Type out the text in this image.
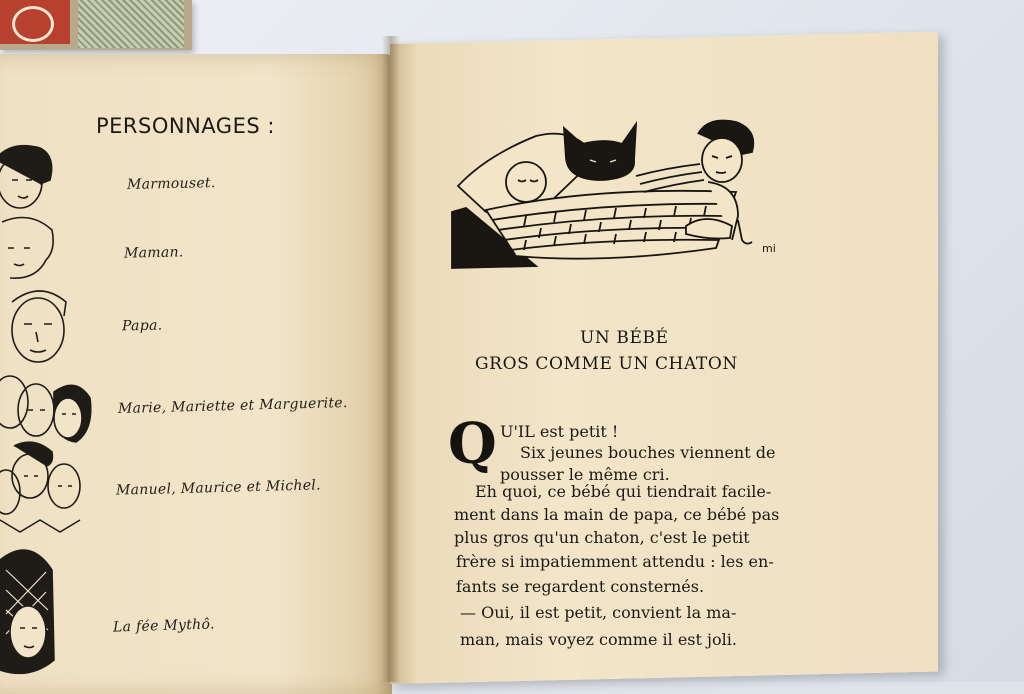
PERSONNAGES :
Marmouset.
Maman.
Papa.
Marie, Mariette et Marguerite.
Manuel, Maurice et Michel.
La fée Mythô.
mi
UN BÉBÉ
GROS COMME UN CHATON
Q U'IL est petit !
Six jeunes bouches viennent de
pousser le même cri.
Eh quoi, ce bébé qui tiendrait facile-
ment dans la main de papa, ce bébé pas
plus gros qu'un chaton, c'est le petit
frère si impatiemment attendu : les en-
fants se regardent consternés.
— Oui, il est petit, convient la ma-
man, mais voyez comme il est joli.
